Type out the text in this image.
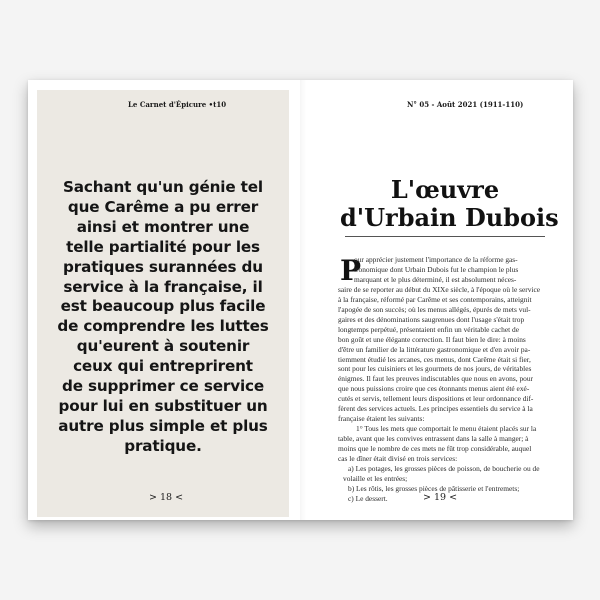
Le Carnet d'Épicure •t10	N° 05 - Août 2021 (1911-110)
Sachant qu'un génie tel
que Carême a pu errer
ainsi et montrer une
telle partialité pour les
pratiques surannées du
service à la française, il
est beaucoup plus facile
de comprendre les luttes
qu'eurent à soutenir
ceux qui entreprirent
de supprimer ce service
pour lui en substituer un
autre plus simple et plus
pratique.
> 18 <	> 19 <
L'œuvre
d'Urbain Dubois
P
our apprécier justement l'importance de la réforme gas-
tronomique dont Urbain Dubois fut le champion le plus
marquant et le plus déterminé, il est absolument néces-
saire de se reporter au début du XIXe siècle, à l'époque où le service
à la française, réformé par Carême et ses contemporains, atteignit
l'apogée de son succès; où les menus allégés, épurés de mets vul-
gaires et des dénominations saugrenues dont l'usage s'était trop
longtemps perpétué, présentaient enfin un véritable cachet de
bon goût et une élégante correction. Il faut bien le dire: à moins
d'être un familier de la littérature gastronomique et d'en avoir pa-
tiemment étudié les arcanes, ces menus, dont Carême était si fier,
sont pour les cuisiniers et les gourmets de nos jours, de véritables
énigmes. Il faut les preuves indiscutables que nous en avons, pour
que nous puissions croire que ces étonnants menus aient été exé-
cutés et servis, tellement leurs dispositions et leur ordonnance dif-
fèrent des services actuels. Les principes essentiels du service à la
française étaient les suivants:
1° Tous les mets que comportait le menu étaient placés sur la
table, avant que les convives entrassent dans la salle à manger; à
moins que le nombre de ces mets ne fût trop considérable, auquel
cas le dîner était divisé en trois services:
a) Les potages, les grosses pièces de poisson, de boucherie ou de
volaille et les entrées;
b) Les rôtis, les grosses pièces de pâtisserie et l'entremets;
c) Le dessert.
